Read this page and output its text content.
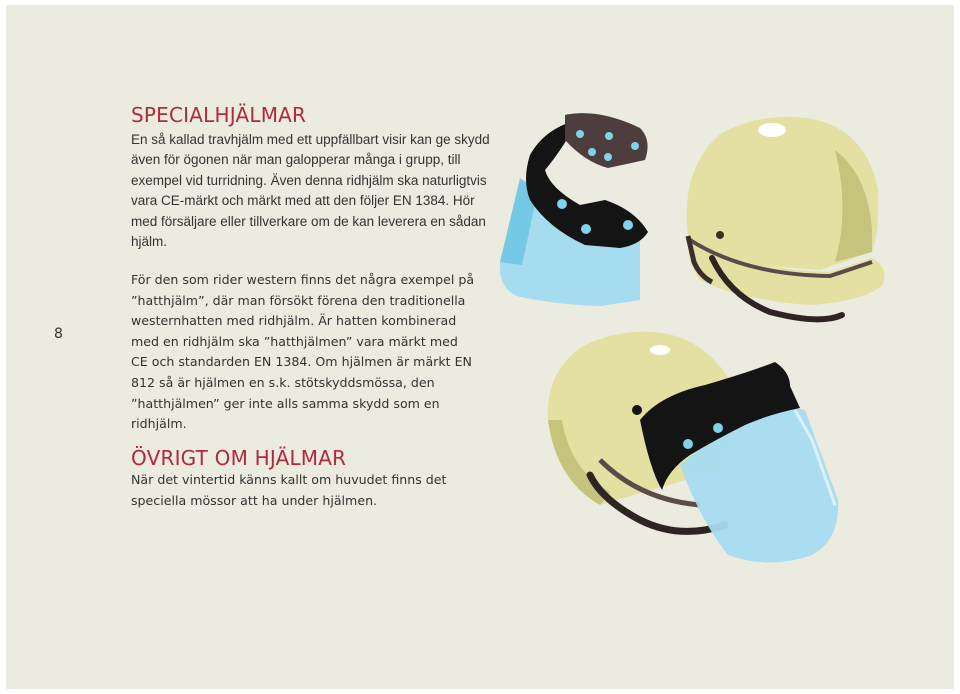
8
SPECIALHJÄLMAR

En så kallad travhjälm med ett uppfällbart visir kan ge skydd även för ögonen när man galopperar många i grupp, till exempel vid turridning. Även denna ridhjälm ska naturligtvis vara CE-märkt och märkt med att den följer EN 1384. Hör med försäljare eller tillverkare om de kan leverera en sådan hjälm.

För den som rider western finns det några exempel på ”hatthjälm”, där man försökt förena den traditionella westernhatten med ridhjälm. Är hatten kombinerad med en ridhjälm ska ”hatthjälmen” vara märkt med CE och standarden EN 1384. Om hjälmen är märkt EN 812 så är hjälmen en s.k. stötskyddsmössa, den ”hatthjälmen” ger inte alls samma skydd som en ridhjälm.

ÖVRIGT OM HJÄLMAR

När det vintertid känns kallt om huvudet finns det speciella mössor att ha under hjälmen.
